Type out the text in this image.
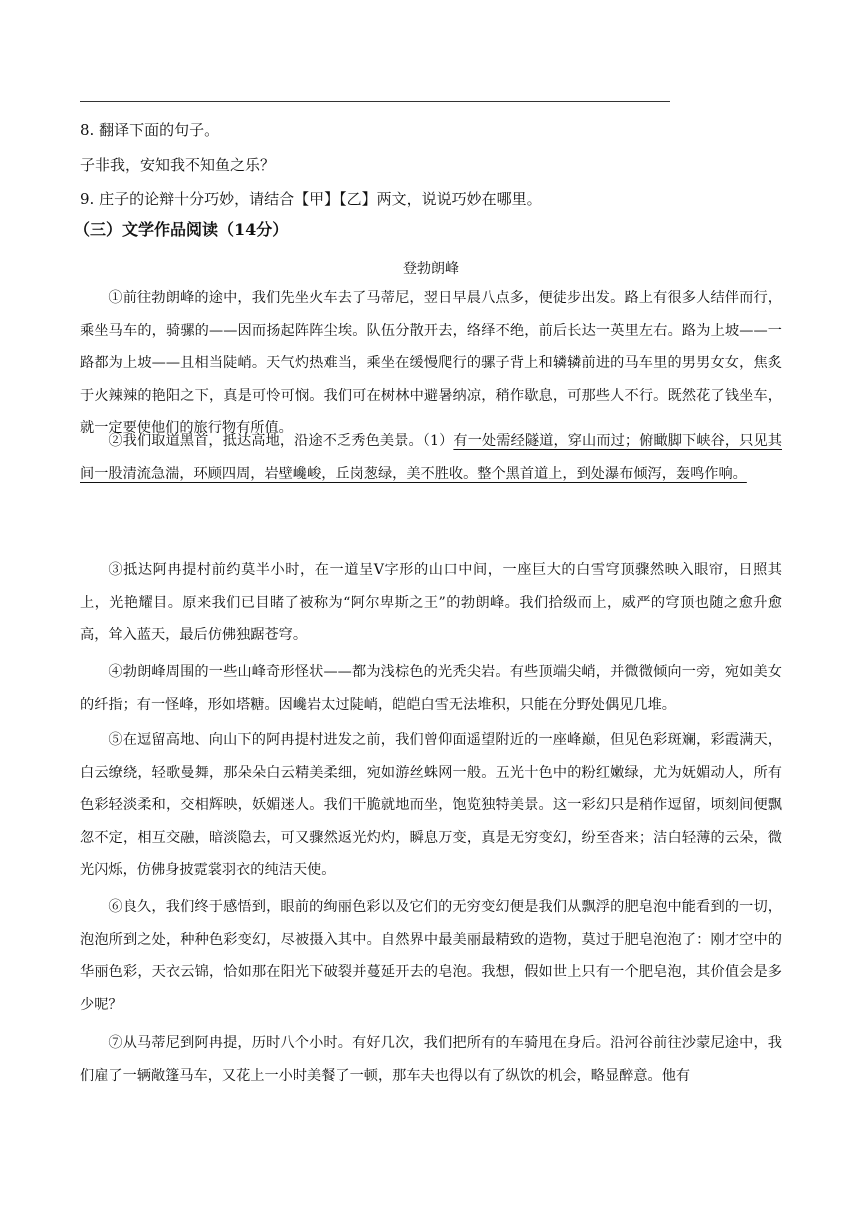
8. 翻译下面的句子。
子非我，安知我不知鱼之乐？
9. 庄子的论辩十分巧妙，请结合【甲】【乙】两文，说说巧妙在哪里。
（三）文学作品阅读（14分）
登勃朗峰

①前往勃朗峰的途中，我们先坐火车去了马蒂尼，翌日早晨八点多，便徒步出发。路上有很多人结伴而行，乘坐马车的，骑骡的——因而扬起阵阵尘埃。队伍分散开去，络绎不绝，前后长达一英里左右。路为上坡——一路都为上坡——且相当陡峭。天气灼热难当，乘坐在缓慢爬行的骡子背上和辚辚前进的马车里的男男女女，焦炙于火辣辣的艳阳之下，真是可怜可悯。我们可在树林中避暑纳凉，稍作歇息，可那些人不行。既然花了钱坐车，就一定要使他们的旅行物有所值。

②我们取道黑首，抵达高地，沿途不乏秀色美景。（1）有一处需经隧道，穿山而过；俯瞰脚下峡谷，只见其间一股清流急湍，环顾四周，岩壁巉峻，丘岗葱绿，美不胜收。整个黑首道上，到处瀑布倾泻，轰鸣作响。

③抵达阿冉提村前约莫半小时，在一道呈V字形的山口中间，一座巨大的白雪穹顶骤然映入眼帘，日照其上，光艳耀目。原来我们已目睹了被称为“阿尔卑斯之王”的勃朗峰。我们拾级而上，威严的穹顶也随之愈升愈高，耸入蓝天，最后仿佛独踞苍穹。

④勃朗峰周围的一些山峰奇形怪状——都为浅棕色的光秃尖岩。有些顶端尖峭，并微微倾向一旁，宛如美女的纤指；有一怪峰，形如塔糖。因巉岩太过陡峭，皑皑白雪无法堆积，只能在分野处偶见几堆。

⑤在逗留高地、向山下的阿冉提村进发之前，我们曾仰面遥望附近的一座峰巅，但见色彩斑斓，彩霞满天，白云缭绕，轻歌曼舞，那朵朵白云精美柔细，宛如游丝蛛网一般。五光十色中的粉红嫩绿，尤为妩媚动人，所有色彩轻淡柔和，交相辉映，妖媚迷人。我们干脆就地而坐，饱览独特美景。这一彩幻只是稍作逗留，顷刻间便飘忽不定，相互交融，暗淡隐去，可又骤然返光灼灼，瞬息万变，真是无穷变幻，纷至沓来；洁白轻薄的云朵，微光闪烁，仿佛身披霓裳羽衣的纯洁天使。

⑥良久，我们终于感悟到，眼前的绚丽色彩以及它们的无穷变幻便是我们从飘浮的肥皂泡中能看到的一切，泡泡所到之处，种种色彩变幻，尽被摄入其中。自然界中最美丽最精致的造物，莫过于肥皂泡泡了：刚才空中的华丽色彩，天衣云锦，恰如那在阳光下破裂并蔓延开去的皂泡。我想，假如世上只有一个肥皂泡，其价值会是多少呢？

⑦从马蒂尼到阿冉提，历时八个小时。有好几次，我们把所有的车骑甩在身后。沿河谷前往沙蒙尼途中，我们雇了一辆敞篷马车，又花上一小时美餐了一顿，那车夫也得以有了纵饮的机会，略显醉意。他有
